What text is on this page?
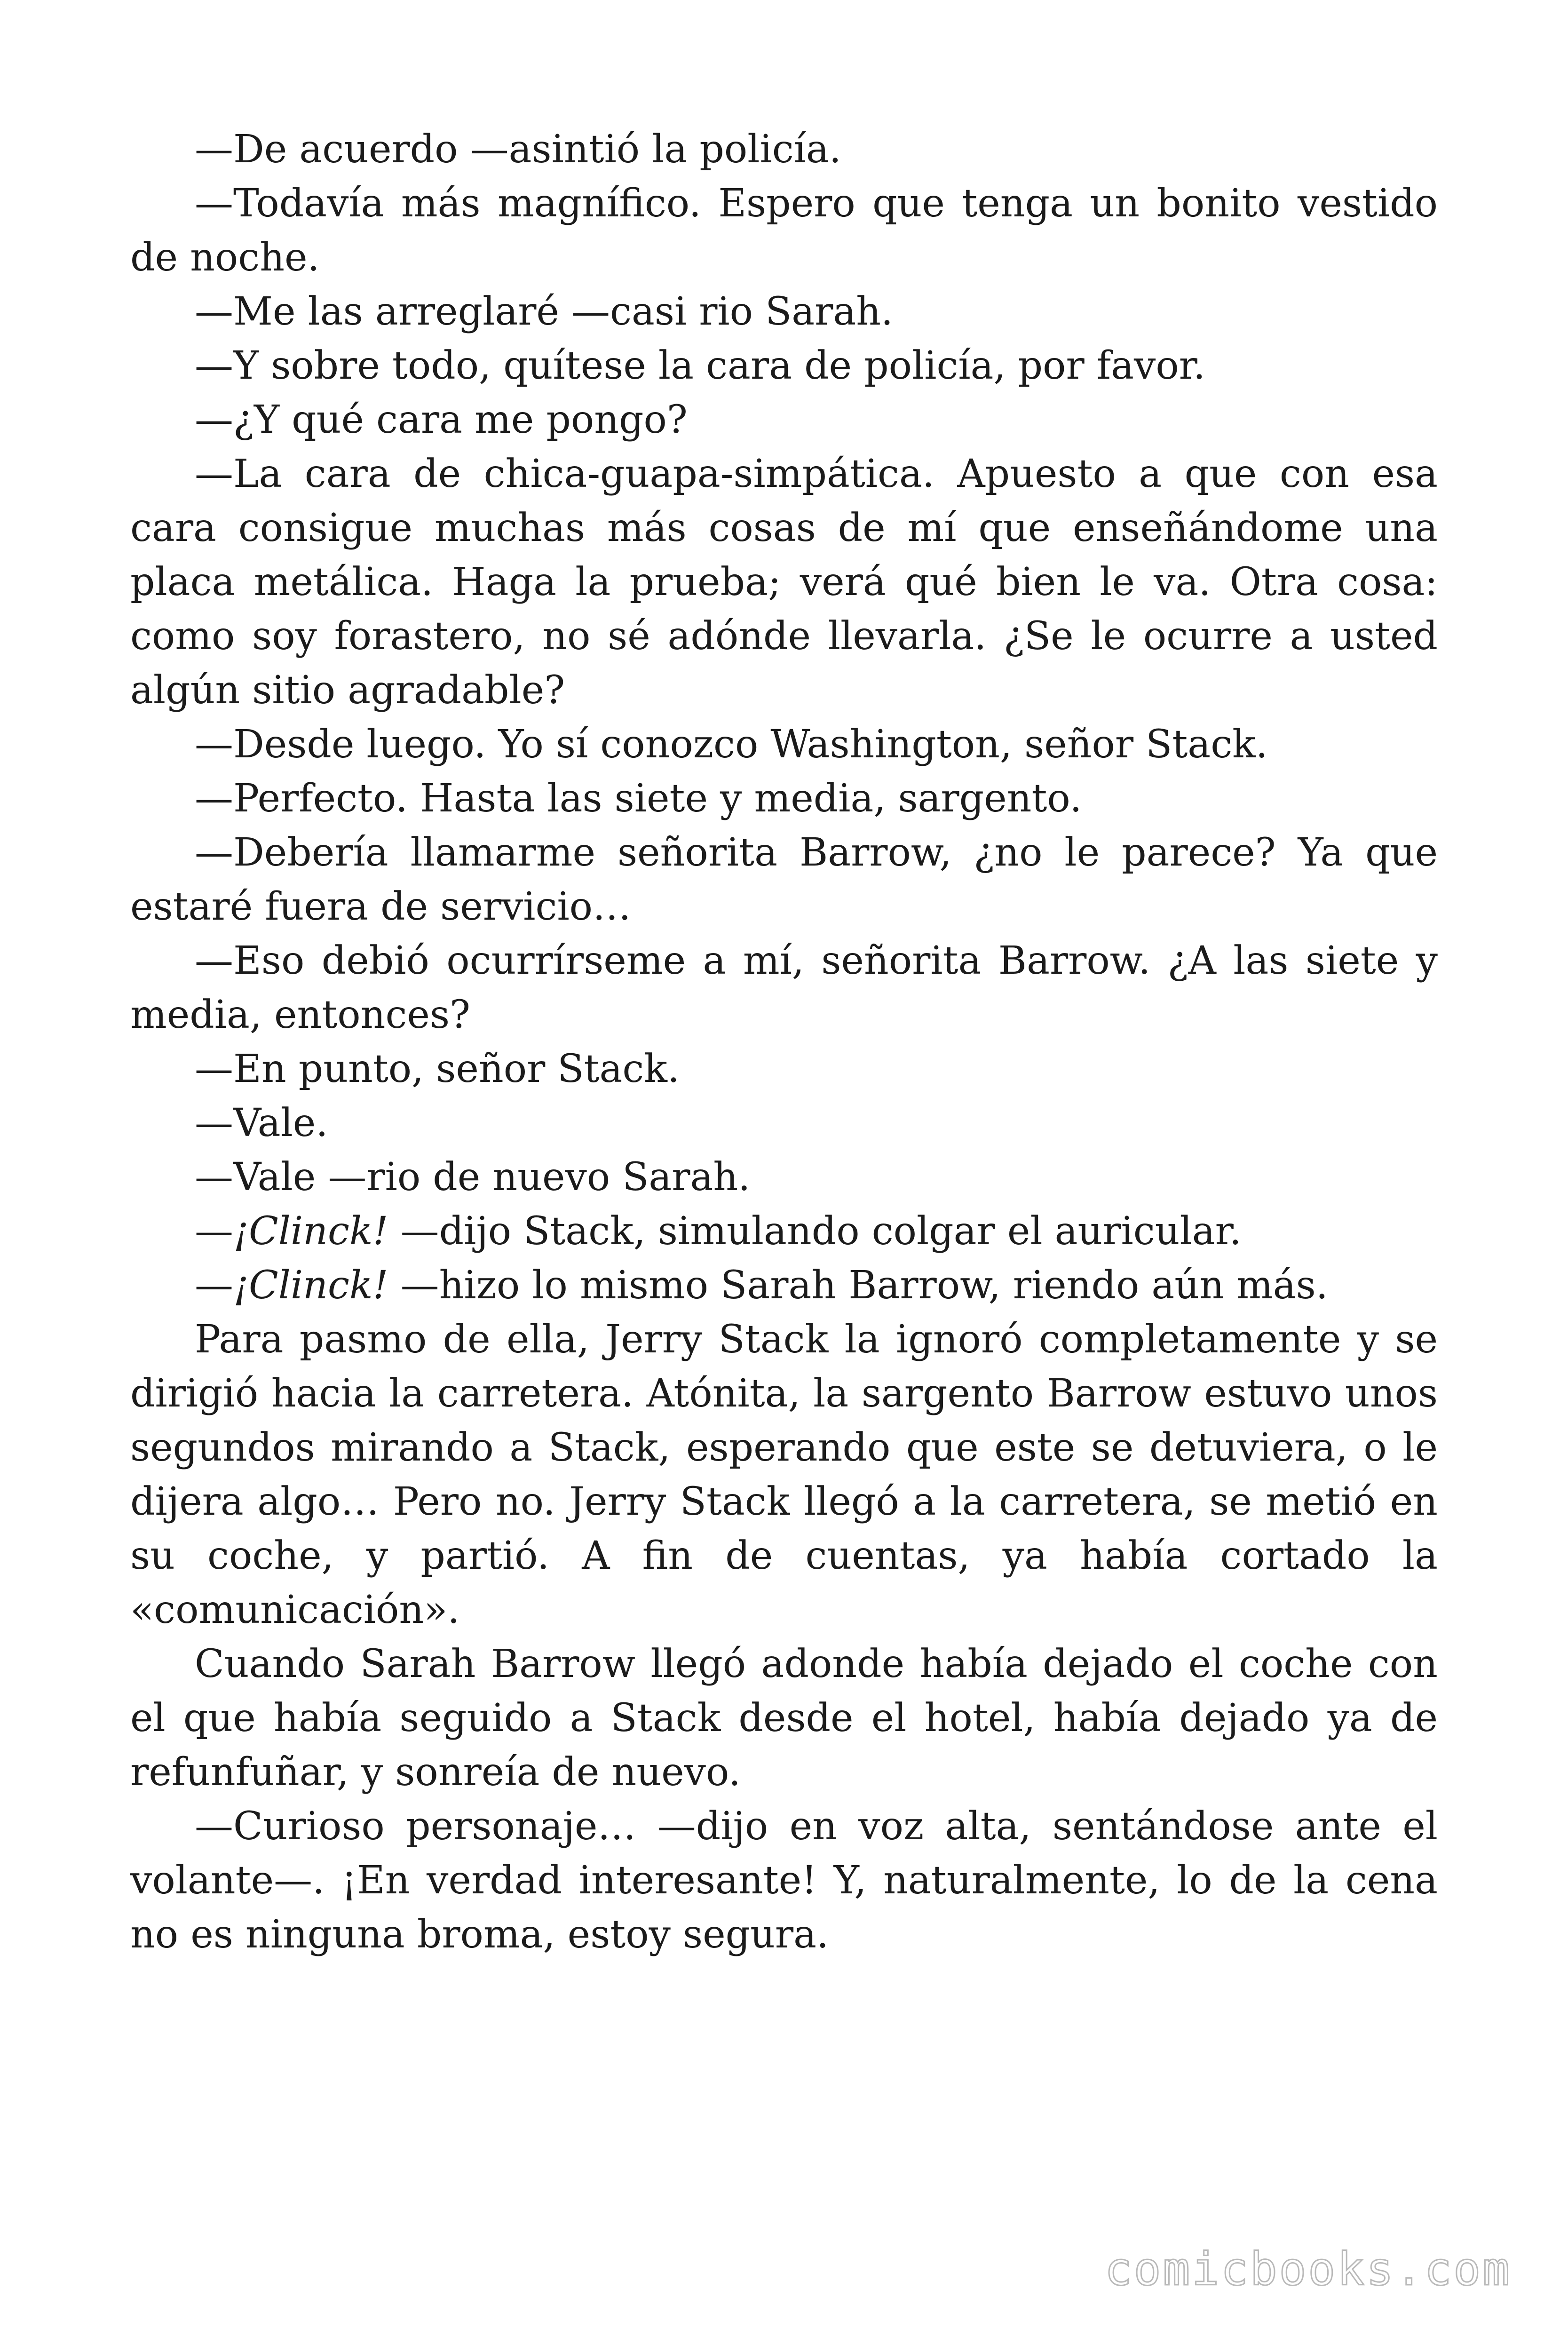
—De acuerdo —asintió la policía.

—Todavía más magnífico. Espero que tenga un bonito vestido de noche.

—Me las arreglaré —casi rio Sarah.

—Y sobre todo, quítese la cara de policía, por favor.

—¿Y qué cara me pongo?

—La cara de chica-guapa-simpática. Apuesto a que con esa cara consigue muchas más cosas de mí que enseñándome una placa metálica. Haga la prueba; verá qué bien le va. Otra cosa: como soy forastero, no sé adónde llevarla. ¿Se le ocurre a usted algún sitio agradable?

—Desde luego. Yo sí conozco Washington, señor Stack.

—Perfecto. Hasta las siete y media, sargento.

—Debería llamarme señorita Barrow, ¿no le parece? Ya que estaré fuera de servicio…

—Eso debió ocurrírseme a mí, señorita Barrow. ¿A las siete y media, entonces?

—En punto, señor Stack.

—Vale.

—Vale —rio de nuevo Sarah.

—¡Clinck! —dijo Stack, simulando colgar el auricular.

—¡Clinck! —hizo lo mismo Sarah Barrow, riendo aún más.

Para pasmo de ella, Jerry Stack la ignoró completamente y se dirigió hacia la carretera. Atónita, la sargento Barrow estuvo unos segundos mirando a Stack, esperando que este se detuviera, o le dijera algo… Pero no. Jerry Stack llegó a la carretera, se metió en su coche, y partió. A fin de cuentas, ya había cortado la «comunicación».

Cuando Sarah Barrow llegó adonde había dejado el coche con el que había seguido a Stack desde el hotel, había dejado ya de refunfuñar, y sonreía de nuevo.

—Curioso personaje… —dijo en voz alta, sentándose ante el volante—. ¡En verdad interesante! Y, naturalmente, lo de la cena no es ninguna broma, estoy segura.

comicbooks.com
